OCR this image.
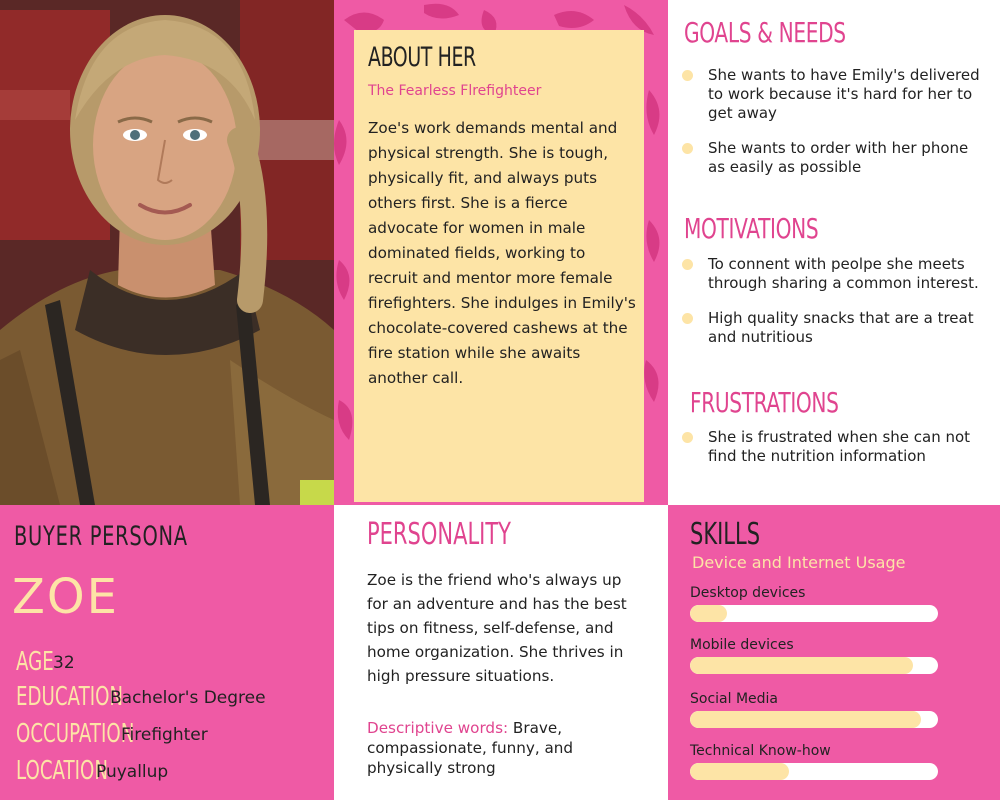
ABOUT HER
The Fearless Flrefighteer
Zoe's work demands mental and physical strength. She is tough, physically fit, and always puts others first. She is a fierce advocate for women in male dominated fields, working to recruit and mentor more female firefighters. She indulges in Emily's chocolate-covered cashews at the fire station while she awaits another call.
GOALS & NEEDS
She wants to have Emily's delivered to work because it's hard for her to get away
She wants to order with her phone as easily as possible
MOTIVATIONS
To connent with peolpe she meets through sharing a common interest.
High quality snacks that are a treat and nutritious
FRUSTRATIONS
She is frustrated when she can not find the nutrition information
BUYER PERSONA
ZOE
AGE 32
EDUCATION
Bachelor's Degree
OCCUPATION
Firefighter
LOCATION
Puyallup
PERSONALITY
Zoe is the friend who's always up for an adventure and has the best tips on fitness, self-defense, and home organization. She thrives in high pressure situations.
Descriptive words: Brave, compassionate, funny, and physically strong
SKILLS
Device and Internet Usage
Desktop devices
Mobile devices
Social Media
Technical Know-how
